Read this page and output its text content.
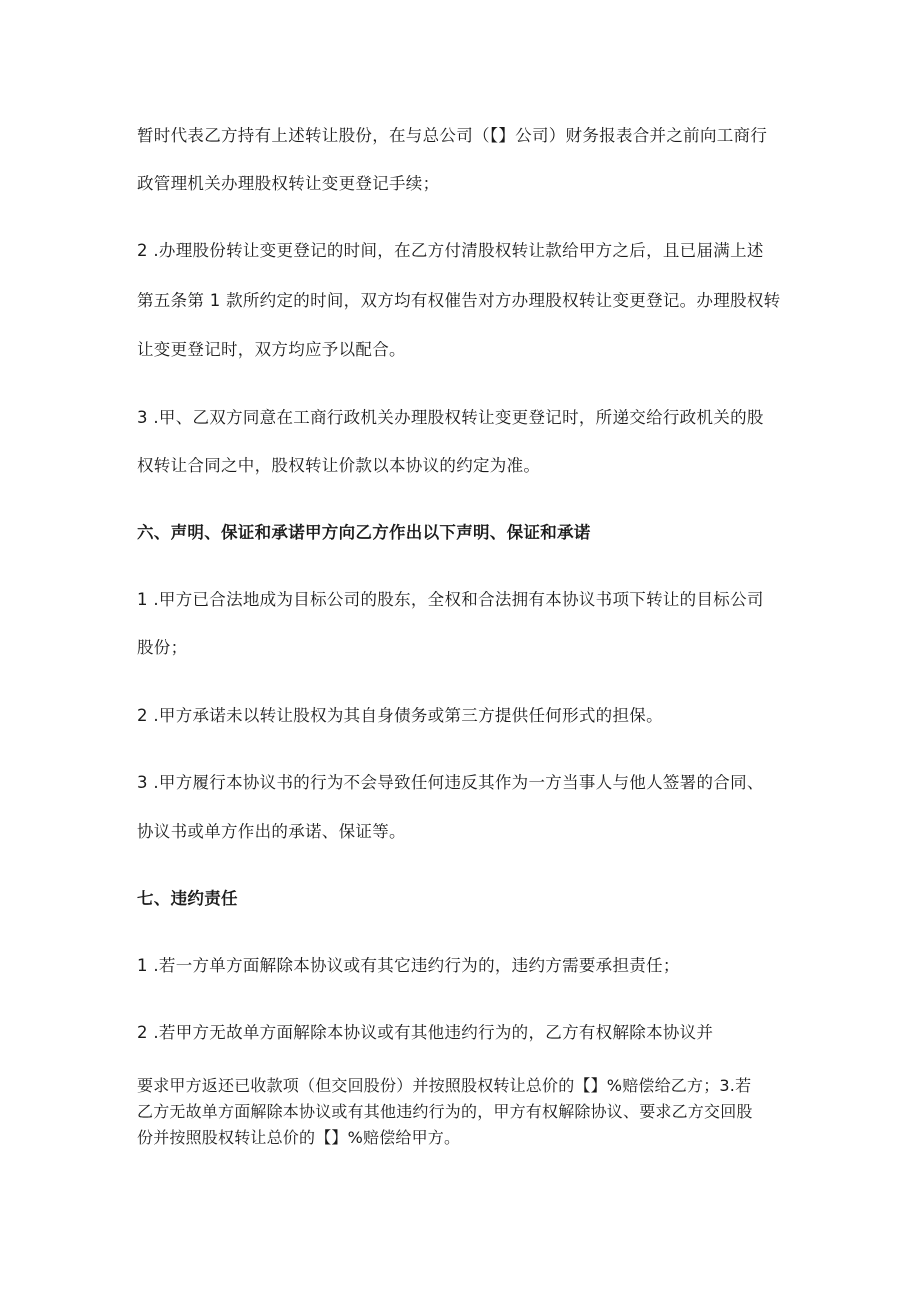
暂时代表乙方持有上述转让股份，在与总公司（【】公司）财务报表合并之前向工商行
政管理机关办理股权转让变更登记手续；
2 .办理股份转让变更登记的时间，在乙方付清股权转让款给甲方之后，且已届满上述
第五条第 1 款所约定的时间，双方均有权催告对方办理股权转让变更登记。办理股权转
让变更登记时，双方均应予以配合。
3 .甲、乙双方同意在工商行政机关办理股权转让变更登记时，所递交给行政机关的股
权转让合同之中，股权转让价款以本协议的约定为准。
六、声明、保证和承诺甲方向乙方作出以下声明、保证和承诺
1 .甲方已合法地成为目标公司的股东，全权和合法拥有本协议书项下转让的目标公司
股份；
2 .甲方承诺未以转让股权为其自身债务或第三方提供任何形式的担保。
3 .甲方履行本协议书的行为不会导致任何违反其作为一方当事人与他人签署的合同、
协议书或单方作出的承诺、保证等。
七、违约责任
1 .若一方单方面解除本协议或有其它违约行为的，违约方需要承担责任；
2 .若甲方无故单方面解除本协议或有其他违约行为的，乙方有权解除本协议并
要求甲方返还已收款项（但交回股份）并按照股权转让总价的【】%赔偿给乙方；3.若
乙方无故单方面解除本协议或有其他违约行为的，甲方有权解除协议、要求乙方交回股
份并按照股权转让总价的【】%赔偿给甲方。
